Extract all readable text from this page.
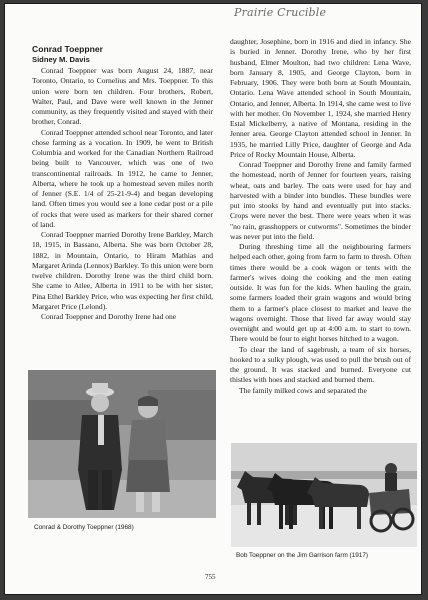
Prairie Crucible
Conrad Toeppner
Sidney M. Davis

Conrad Toeppner was born August 24, 1887, near Toronto, Ontario, to Cornelius and Mrs. Toeppner. To this union were born ten children. Four brothers, Robert, Walter, Paul, and Dave were well known in the Jenner community, as they frequently visited and stayed with their brother, Conrad.

Conrad Toeppner attended school near Toronto, and later chose farming as a vocation. In 1909, he went to British Columbia and worked for the Canadian Northern Railroad being built to Vancouver, which was one of two transcontinental railroads. In 1912, he came to Jenner, Alberta, where he took up a homestead seven miles north of Jenner (S.E. 1/4 of 25-21-9-4) and began developing land. Often times you would see a lone cedar post or a pile of rocks that were used as markers for their shared corner of land.

Conrad Toeppner married Dorothy Irene Barkley, March 18, 1915, in Bassano, Alberta. She was born October 28, 1882, in Mountain, Ontario, to Hiram Mathias and Margaret Arinda (Lennox) Barkley. To this union were born twelve children. Dorothy Irene was the third child born. She came to Atlee, Alberta in 1911 to be with her sister, Pina Ethel Barkley Price, who was expecting her first child, Margaret Price (Lelond).

Conrad Toeppner and Dorothy Irene had one

daughter, Josephine, born in 1916 and died in infancy. She is buried in Jenner. Dorothy Irene, who by her first husband, Elmer Moulton, had two children: Lena Wave, born January 8, 1905, and George Clayton, born in February, 1906. They were both born at South Mountain, Ontario. Lena Wave attended school in South Mountain, Ontario, and Jenner, Alberta. In 1914, she came west to live with her mother. On November 1, 1924, she married Henry Estal Mickelberry, a native of Montana, residing in the Jenner area. George Clayton attended school in Jenner. In 1935, he married Lilly Price, daughter of George and Ada Price of Rocky Mountain House, Alberta.

Conrad Toeppner and Dorothy Irene and family farmed the homestead, north of Jenner for fourteen years, raising wheat, oats and barley. The oats were used for hay and harvested with a binder into bundles. These bundles were put into stooks by hand and eventually put into stacks. Crops were never the best. There were years when it was "no rain, grasshoppers or cutworms". Sometimes the binder was never put into the field.

During threshing time all the neighbouring farmers helped each other, going from farm to farm to thresh. Often times there would be a cook wagon or tents with the farmer's wives doing the cooking and the men eating outside. It was fun for the kids. When hauling the grain, some farmers loaded their grain wagons and would bring them to a farmer's place closest to market and leave the wagons overnight. Those that lived far away would stay overnight and would get up at 4:00 a.m. to start to town. There would be four to eight horses hitched to a wagon.

To clear the land of sagebrush, a team of six horses, hooked to a sulky plough, was used to pull the brush out of the ground. It was stacked and burned. Everyone cut thistles with hoes and stacked and burned them.

The family milked cows and separated the

Conrad & Dorothy Toeppner (1968)
Bob Toeppner on the Jim Garrison farm (1917)
755
